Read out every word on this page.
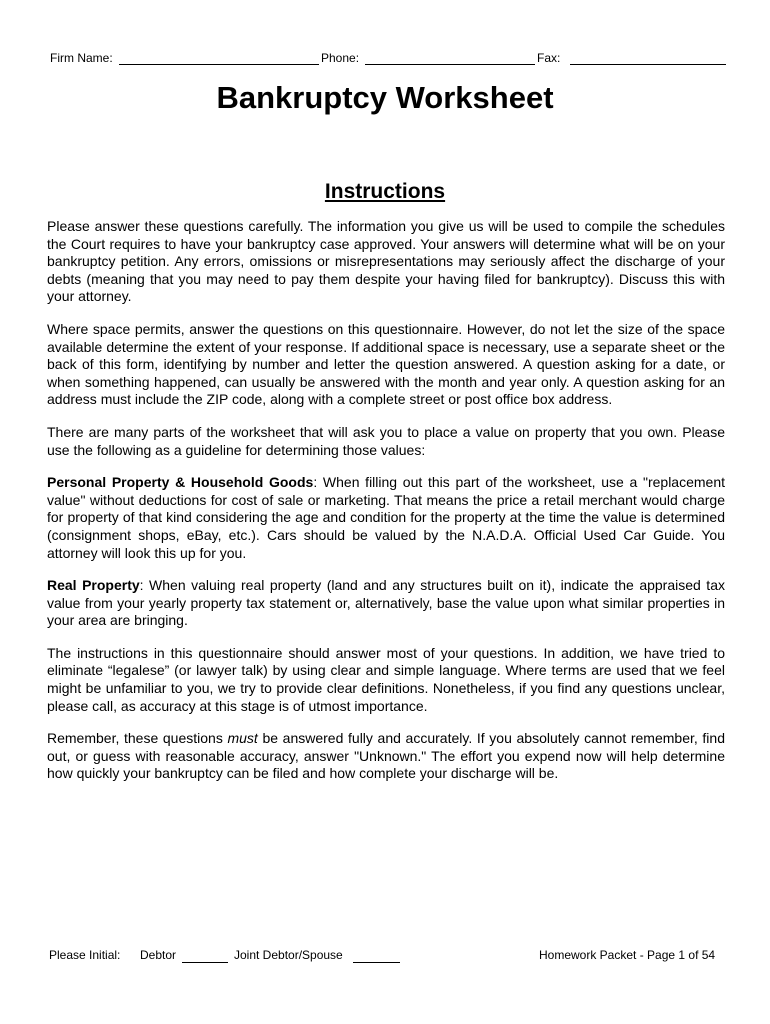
Firm Name:	Phone:	Fax:
Bankruptcy Worksheet
Instructions

Please answer these questions carefully. The information you give us will be used to compile the schedules the Court requires to have your bankruptcy case approved. Your answers will determine what will be on your bankruptcy petition. Any errors, omissions or misrepresentations may seriously affect the discharge of your debts (meaning that you may need to pay them despite your having filed for bankruptcy). Discuss this with your attorney.

Where space permits, answer the questions on this questionnaire. However, do not let the size of the space available determine the extent of your response. If additional space is necessary, use a separate sheet or the back of this form, identifying by number and letter the question answered. A question asking for a date, or when something happened, can usually be answered with the month and year only. A question asking for an address must include the ZIP code, along with a complete street or post office box address.

There are many parts of the worksheet that will ask you to place a value on property that you own. Please use the following as a guideline for determining those values:

Personal Property & Household Goods: When filling out this part of the worksheet, use a "replacement value" without deductions for cost of sale or marketing. That means the price a retail merchant would charge for property of that kind considering the age and condition for the property at the time the value is determined (consignment shops, eBay, etc.). Cars should be valued by the N.A.D.A. Official Used Car Guide. You attorney will look this up for you.

Real Property: When valuing real property (land and any structures built on it), indicate the appraised tax value from your yearly property tax statement or, alternatively, base the value upon what similar properties in your area are bringing.

The instructions in this questionnaire should answer most of your questions. In addition, we have tried to eliminate “legalese” (or lawyer talk) by using clear and simple language. Where terms are used that we feel might be unfamiliar to you, we try to provide clear definitions. Nonetheless, if you find any questions unclear, please call, as accuracy at this stage is of utmost importance.

Remember, these questions must be answered fully and accurately. If you absolutely cannot remember, find out, or guess with reasonable accuracy, answer "Unknown." The effort you expend now will help determine how quickly your bankruptcy can be filed and how complete your discharge will be.

Please Initial: Debtor	Joint Debtor/Spouse	Homework Packet - Page 1 of 54
